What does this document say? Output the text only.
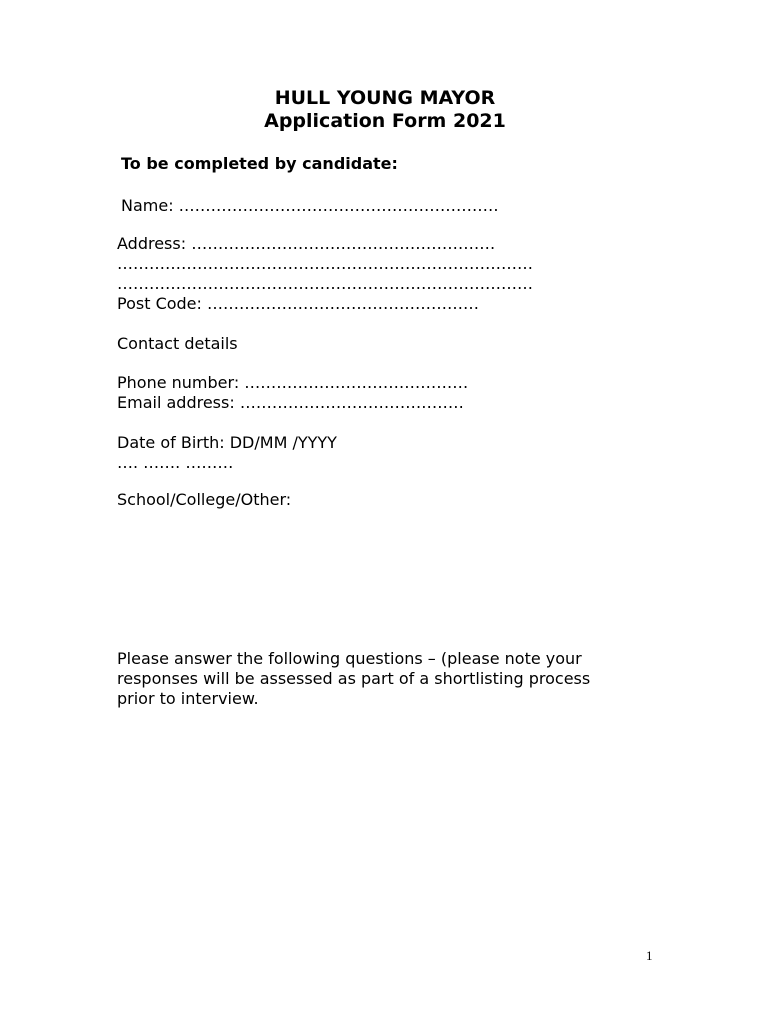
HULL YOUNG MAYOR
Application Form 2021
To be completed by candidate:
Name: ……………………………………………………
Address: …………………………………………………
……………………………………………………………………
……………………………………………………………………
Post Code: ……………………………………………
Contact details
Phone number: ……………………………………
Email address: ……………………………………
Date of Birth: DD/MM /YYYY
…. ……. ………
School/College/Other:
Please answer the following questions – (please note your
responses will be assessed as part of a shortlisting process
prior to interview.
1
